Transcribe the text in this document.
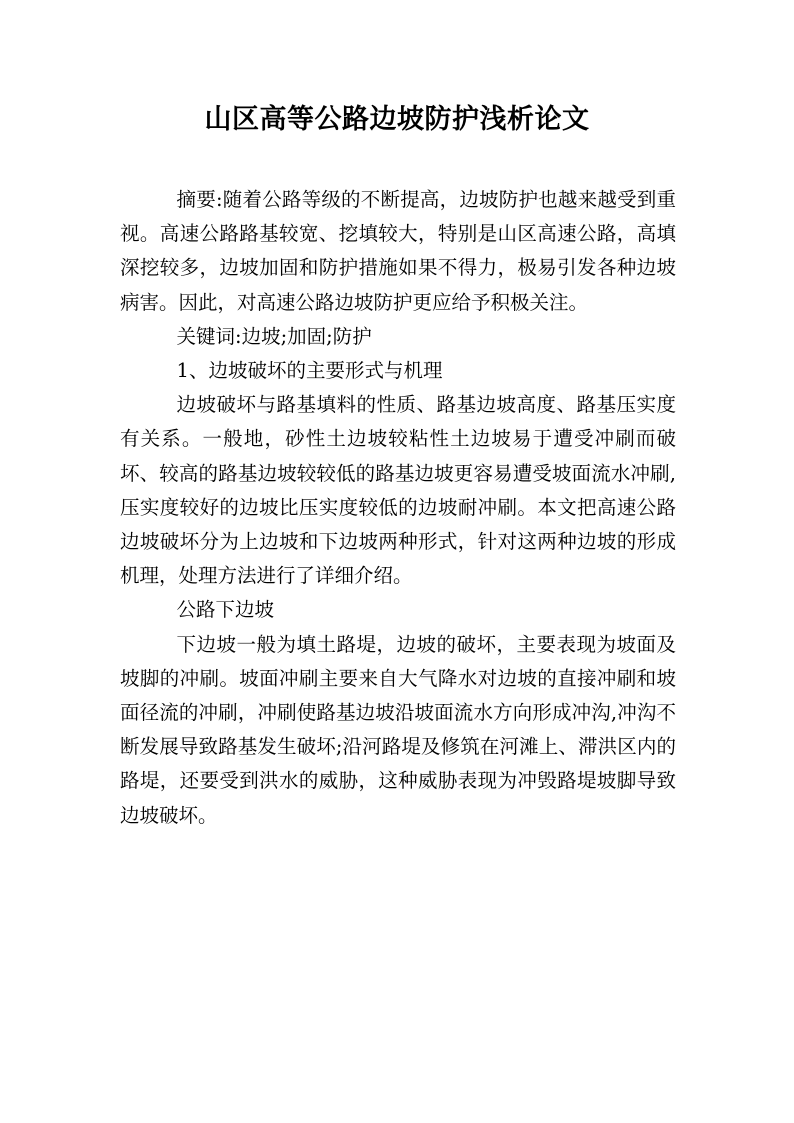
山区高等公路边坡防护浅析论文

摘要:随着公路等级的不断提高，边坡防护也越来越受到重视。高速公路路基较宽、挖填较大，特别是山区高速公路，高填深挖较多，边坡加固和防护措施如果不得力，极易引发各种边坡病害。因此，对高速公路边坡防护更应给予积极关注。

关键词:边坡;加固;防护

1、边坡破坏的主要形式与机理

边坡破坏与路基填料的性质、路基边坡高度、路基压实度有关系。一般地，砂性土边坡较粘性土边坡易于遭受冲刷而破坏、较高的路基边坡较较低的路基边坡更容易遭受坡面流水冲刷,压实度较好的边坡比压实度较低的边坡耐冲刷。本文把高速公路边坡破坏分为上边坡和下边坡两种形式，针对这两种边坡的形成机理，处理方法进行了详细介绍。

公路下边坡

下边坡一般为填土路堤，边坡的破坏，主要表现为坡面及坡脚的冲刷。坡面冲刷主要来自大气降水对边坡的直接冲刷和坡面径流的冲刷，冲刷使路基边坡沿坡面流水方向形成冲沟,冲沟不断发展导致路基发生破坏;沿河路堤及修筑在河滩上、滞洪区内的路堤，还要受到洪水的威胁，这种威胁表现为冲毁路堤坡脚导致边坡破坏。
